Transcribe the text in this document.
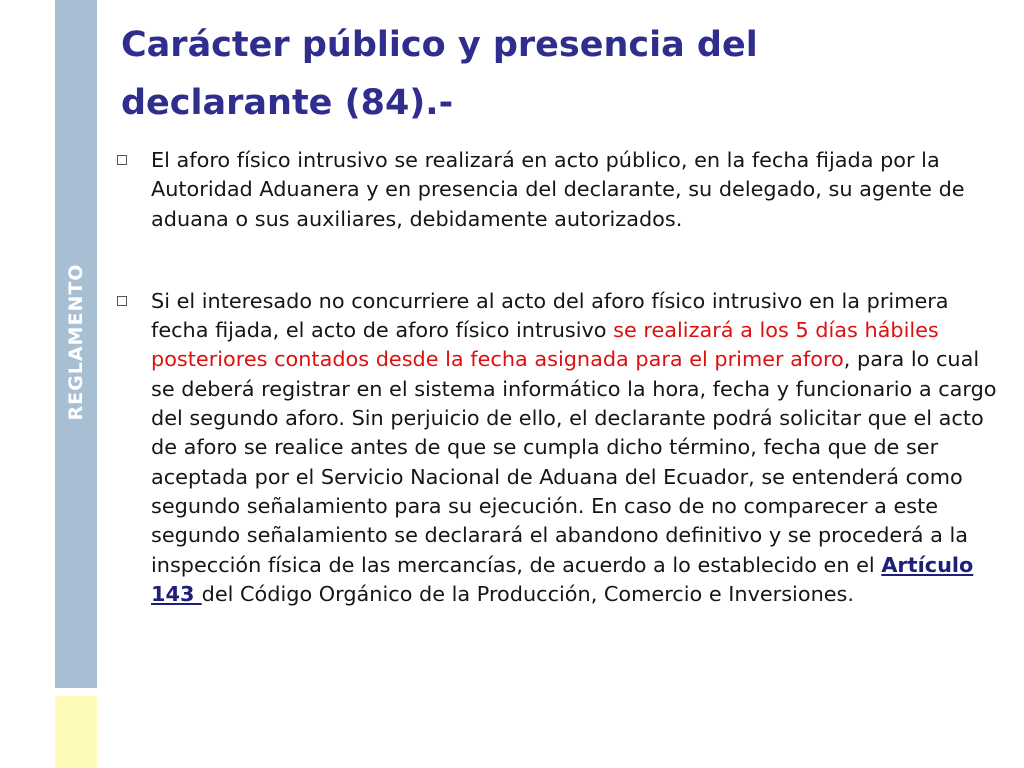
REGLAMENTO
Carácter público y presencia del declarante (84).-
El aforo físico intrusivo se realizará en acto público, en la fecha fijada por la Autoridad Aduanera y en presencia del declarante, su delegado, su agente de aduana o sus auxiliares, debidamente autorizados.
Si el interesado no concurriere al acto del aforo físico intrusivo en la primera fecha fijada, el acto de aforo físico intrusivo se realizará a los 5 días hábiles posteriores contados desde la fecha asignada para el primer aforo, para lo cual se deberá registrar en el sistema informático la hora, fecha y funcionario a cargo del segundo aforo. Sin perjuicio de ello, el declarante podrá solicitar que el acto de aforo se realice antes de que se cumpla dicho término, fecha que de ser aceptada por el Servicio Nacional de Aduana del Ecuador, se entenderá como segundo señalamiento para su ejecución. En caso de no comparecer a este segundo señalamiento se declarará el abandono definitivo y se procederá a la inspección física de las mercancías, de acuerdo a lo establecido en el Artículo 143 del Código Orgánico de la Producción, Comercio e Inversiones.
